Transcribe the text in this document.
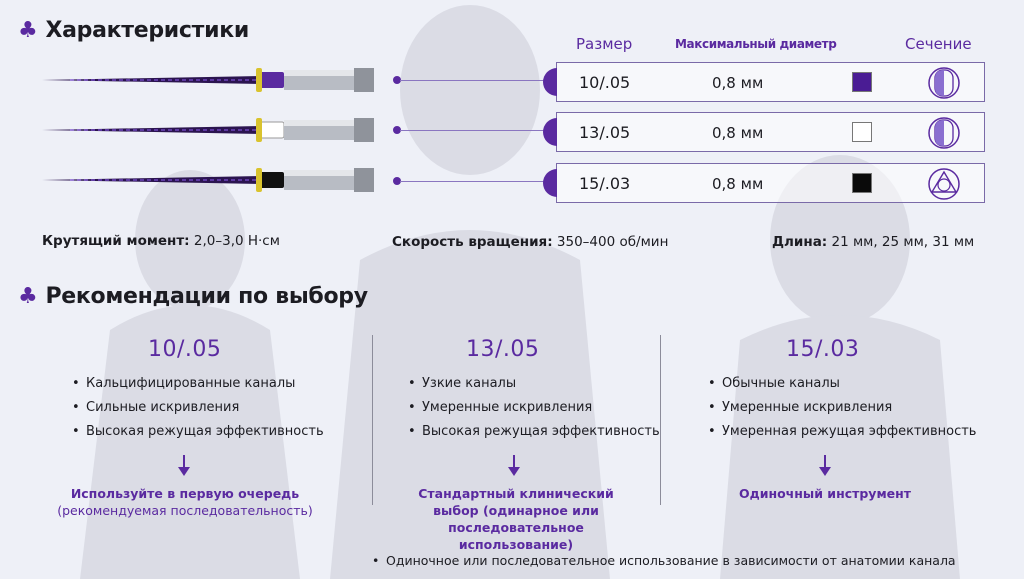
♣ Характеристики
Размер	Максимальный диаметр	Сечение
10/.05	0,8 мм
13/.05	0,8 мм
15/.03	0,8 мм
Крутящий момент: 2,0–3,0 Н·см	Скорость вращения: 350–400 об/мин	Длина: 21 мм, 25 мм, 31 мм
♣ Рекомендации по выбору
10/.05
• Кальцифицированные каналы
• Сильные искривления
• Высокая режущая эффективность
Используйте в первую очередь
(рекомендуемая последовательность)
13/.05
• Узкие каналы
• Умеренные искривления
• Высокая режущая эффективность
Стандартный клинический выбор (одинарное или последовательное использование)
15/.03
• Обычные каналы
• Умеренные искривления
• Умеренная режущая эффективность
Одиночный инструмент
• Одиночное или последовательное использование в зависимости от анатомии канала
